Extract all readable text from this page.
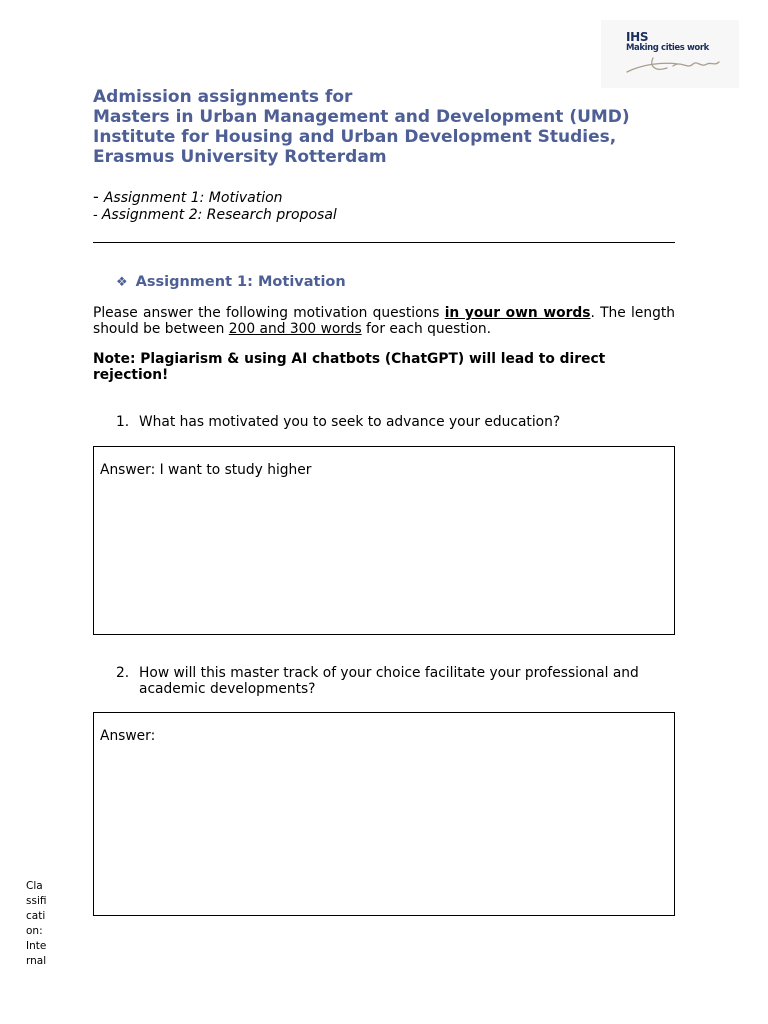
IHS
Making cities work
Admission assignments for
Masters in Urban Management and Development (UMD)
Institute for Housing and Urban Development Studies,
Erasmus University Rotterdam
- Assignment 1: Motivation
- Assignment 2: Research proposal
❖ Assignment 1: Motivation
Please answer the following motivation questions in your own words. The length should be between 200 and 300 words for each question.
Note: Plagiarism & using AI chatbots (ChatGPT) will lead to direct rejection!
1. What has motivated you to seek to advance your education?
Answer: I want to study higher
2. How will this master track of your choice facilitate your professional and academic developments?
Answer:
Classification: Internal
